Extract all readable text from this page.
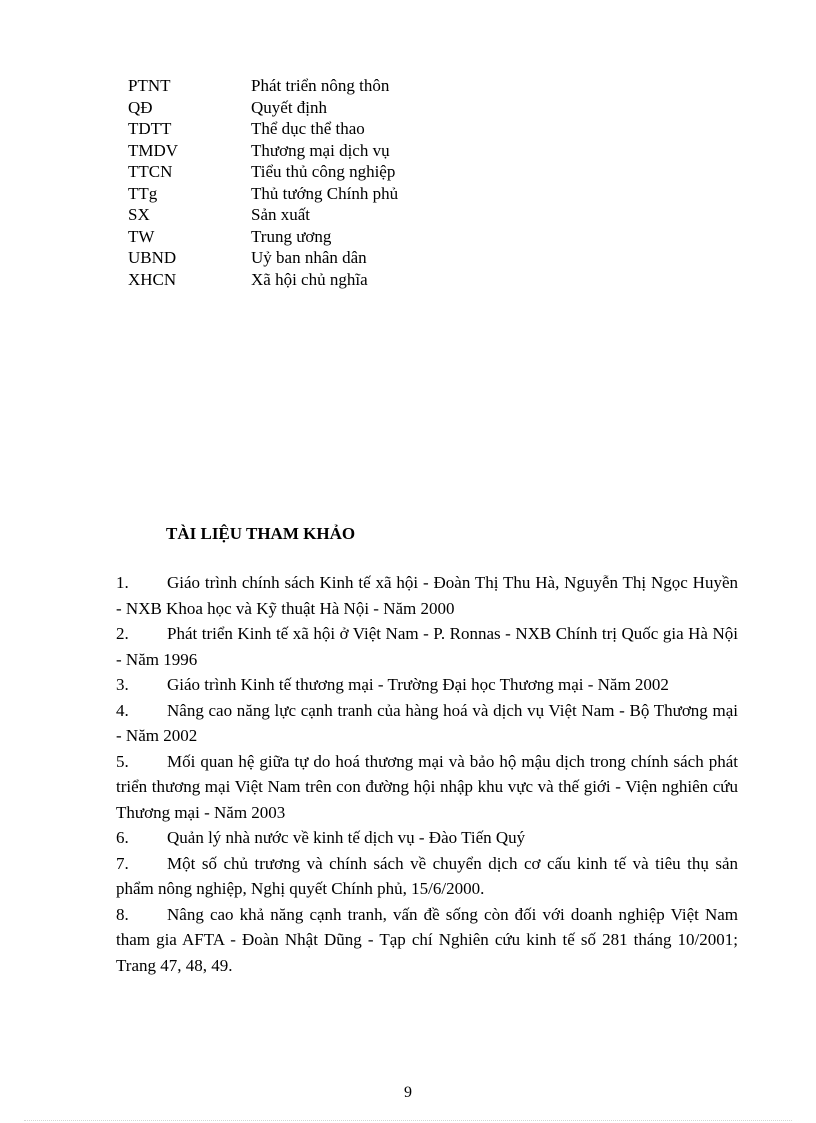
PTNT	Phát triển nông thôn
QĐ	Quyết định
TDTT	Thể dục thể thao
TMDV	Thương mại dịch vụ
TTCN	Tiểu thủ công nghiệp
TTg	Thủ tướng Chính phủ
SX	Sản xuất
TW	Trung ương
UBND	Uỷ ban nhân dân
XHCN	Xã hội chủ nghĩa
TÀI LIỆU THAM KHẢO
1. Giáo trình chính sách Kinh tế xã hội - Đoàn Thị Thu Hà, Nguyễn Thị Ngọc Huyền - NXB Khoa học và Kỹ thuật Hà Nội - Năm 2000
2. Phát triển Kinh tế xã hội ở Việt Nam - P. Ronnas - NXB Chính trị Quốc gia Hà Nội - Năm 1996
3. Giáo trình Kinh tế thương mại - Trường Đại học Thương mại - Năm 2002
4. Nâng cao năng lực cạnh tranh của hàng hoá và dịch vụ Việt Nam - Bộ Thương mại - Năm 2002
5. Mối quan hệ giữa tự do hoá thương mại và bảo hộ mậu dịch trong chính sách phát triển thương mại Việt Nam trên con đường hội nhập khu vực và thế giới - Viện nghiên cứu Thương mại - Năm 2003
6. Quản lý nhà nước về kinh tế dịch vụ - Đào Tiến Quý
7. Một số chủ trương và chính sách về chuyển dịch cơ cấu kinh tế và tiêu thụ sản phẩm nông nghiệp, Nghị quyết Chính phủ, 15/6/2000.
8. Nâng cao khả năng cạnh tranh, vấn đề sống còn đối với doanh nghiệp Việt Nam tham gia AFTA - Đoàn Nhật Dũng - Tạp chí Nghiên cứu kinh tế số 281 tháng 10/2001; Trang 47, 48, 49.
9
